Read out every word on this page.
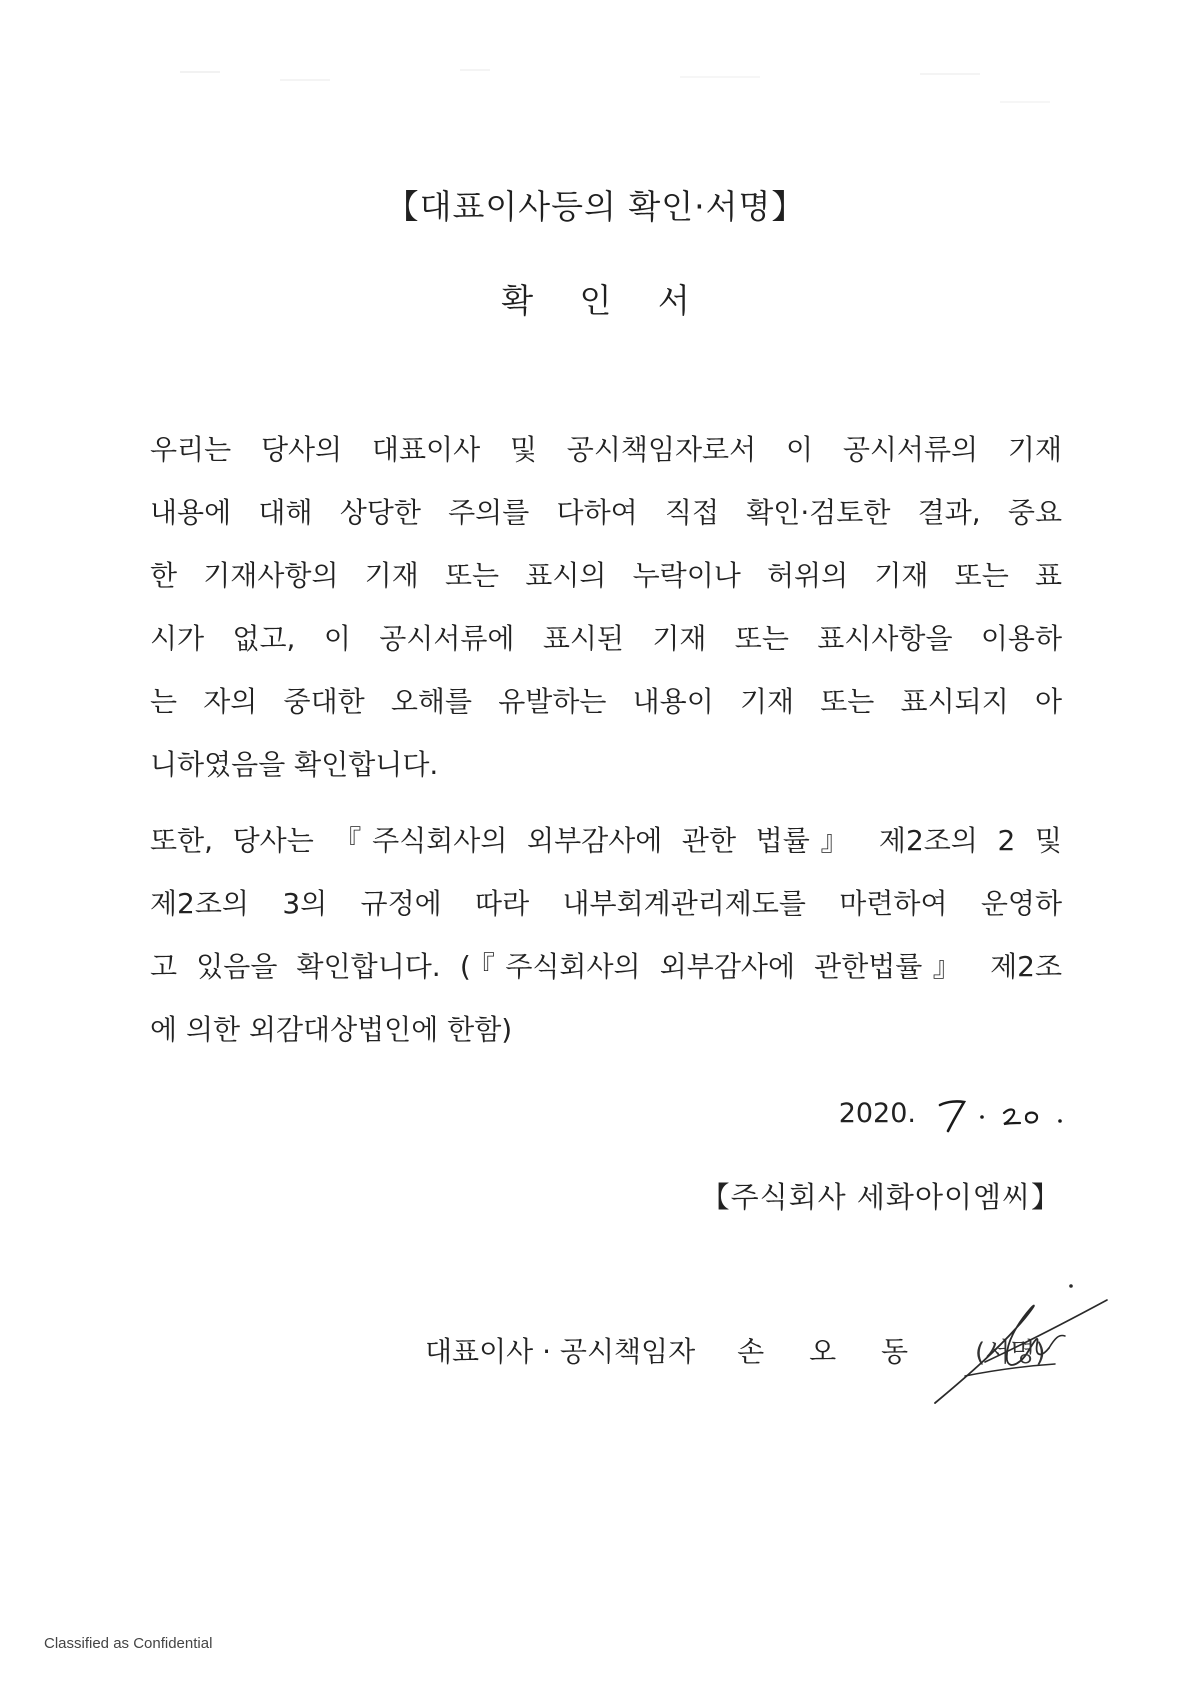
【대표이사등의 확인·서명】
확 인 서
우리는 당사의 대표이사 및 공시책임자로서 이 공시서류의 기재
내용에 대해 상당한 주의를 다하여 직접 확인·검토한 결과, 중요
한 기재사항의 기재 또는 표시의 누락이나 허위의 기재 또는 표
시가 없고, 이 공시서류에 표시된 기재 또는 표시사항을 이용하
는 자의 중대한 오해를 유발하는 내용이 기재 또는 표시되지 아
니하였음을 확인합니다.
또한, 당사는 『주식회사의 외부감사에 관한 법률』 제2조의 2 및
제2조의 3의 규정에 따라 내부회계관리제도를 마련하여 운영하
고 있음을 확인합니다. (『주식회사의 외부감사에 관한법률』 제2조
에 의한 외감대상법인에 한함)
2020.
【주식회사 세화아이엠씨】
대표이사 · 공시책임자 손 오 동 (서명)
Classified as Confidential
